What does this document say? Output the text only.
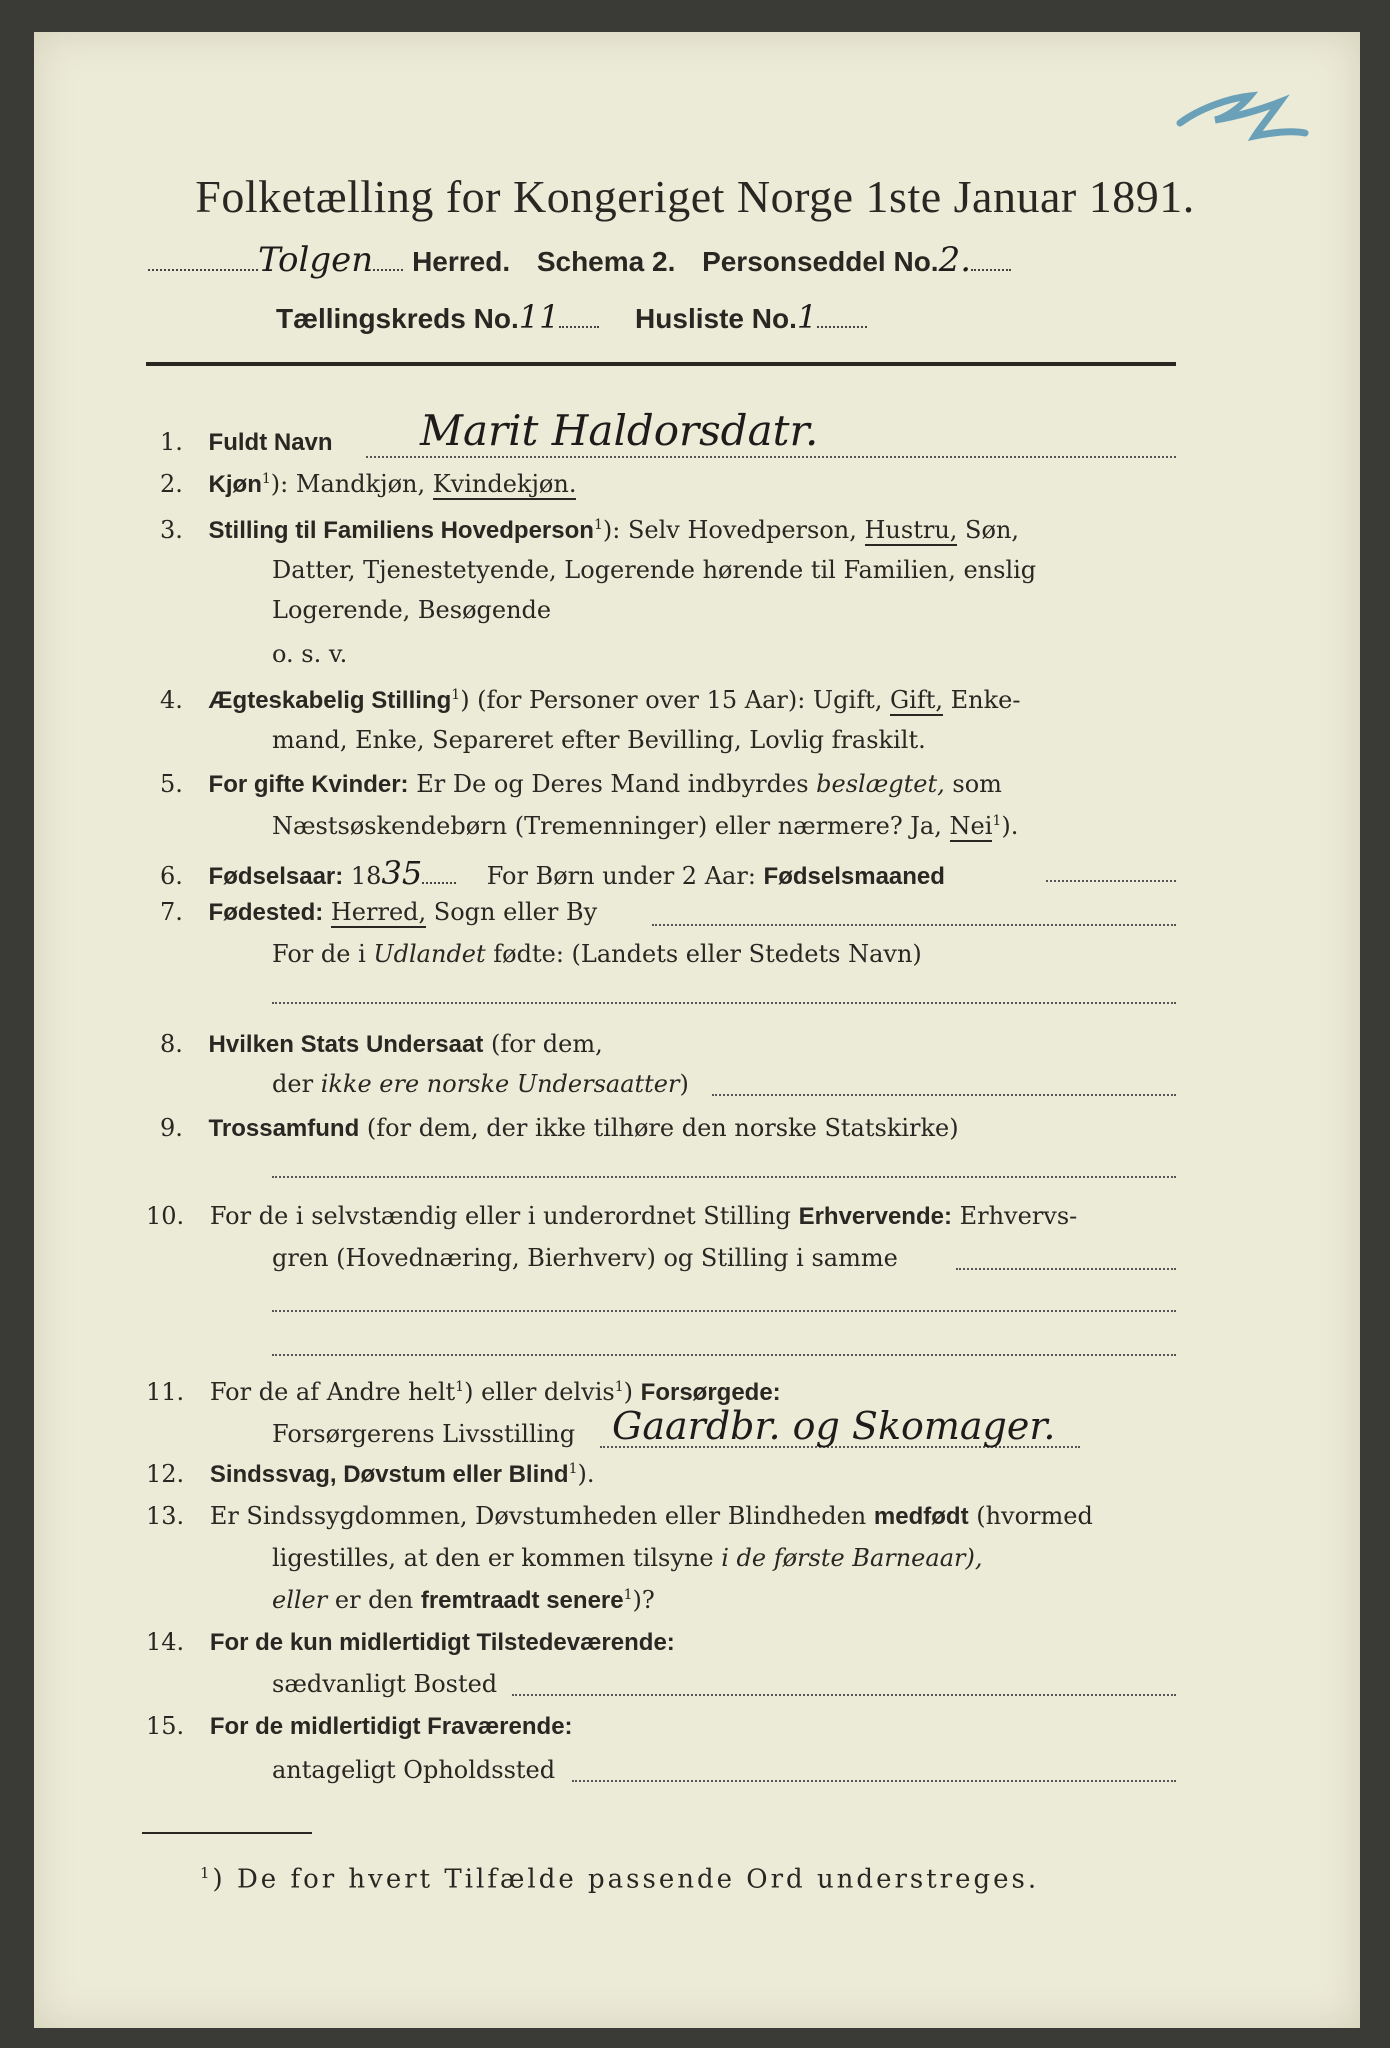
Folketælling for Kongeriget Norge 1ste Januar 1891.
Tolgen Herred. Schema 2. Personseddel No.2.
Tællingskreds No.11	Husliste No.1
1. Fuldt Navn Marit Haldorsdatr.
2. Kjøn$^1$): Mandkjøn, Kvindekjøn.
3. Stilling til Familiens Hovedperson$^1$): Selv Hovedperson, Hustru, Søn,
Datter, Tjenestetyende, Logerende hørende til Familien, enslig
Logerende, Besøgende
o. s. v.
4. Ægteskabelig Stilling$^1$) (for Personer over 15 Aar): Ugift, Gift, Enke-
mand, Enke, Separeret efter Bevilling, Lovlig fraskilt.
5. For gifte Kvinder: Er De og Deres Mand indbyrdes beslægtet, som
Næstsøskendebørn (Tremenninger) eller nærmere? Ja, Nei$^1$).
6. Fødselsaar: 1835	For Børn under 2 Aar: Fødselsmaaned
7. Fødested: Herred, Sogn eller By
For de i Udlandet fødte: (Landets eller Stedets Navn)
8. Hvilken Stats Undersaat (for dem,
der ikke ere norske Undersaatter)
9. Trossamfund (for dem, der ikke tilhøre den norske Statskirke)
10. For de i selvstændig eller i underordnet Stilling Erhvervende: Erhvervs-
gren (Hovednæring, Bierhverv) og Stilling i samme
11. For de af Andre helt$^1$) eller delvis$^1$) Forsørgede:
Forsørgerens Livsstilling Gaardbr. og Skomager.
12. Sindssvag, Døvstum eller Blind$^1$).
13. Er Sindssygdommen, Døvstumheden eller Blindheden medfødt (hvormed
ligestilles, at den er kommen tilsyne i de første Barneaar),
eller er den fremtraadt senere$^1$)?
14. For de kun midlertidigt Tilstedeværende:
sædvanligt Bosted
15. For de midlertidigt Fraværende:
antageligt Opholdssted
$^1$) De for hvert Tilfælde passende Ord understreges.
